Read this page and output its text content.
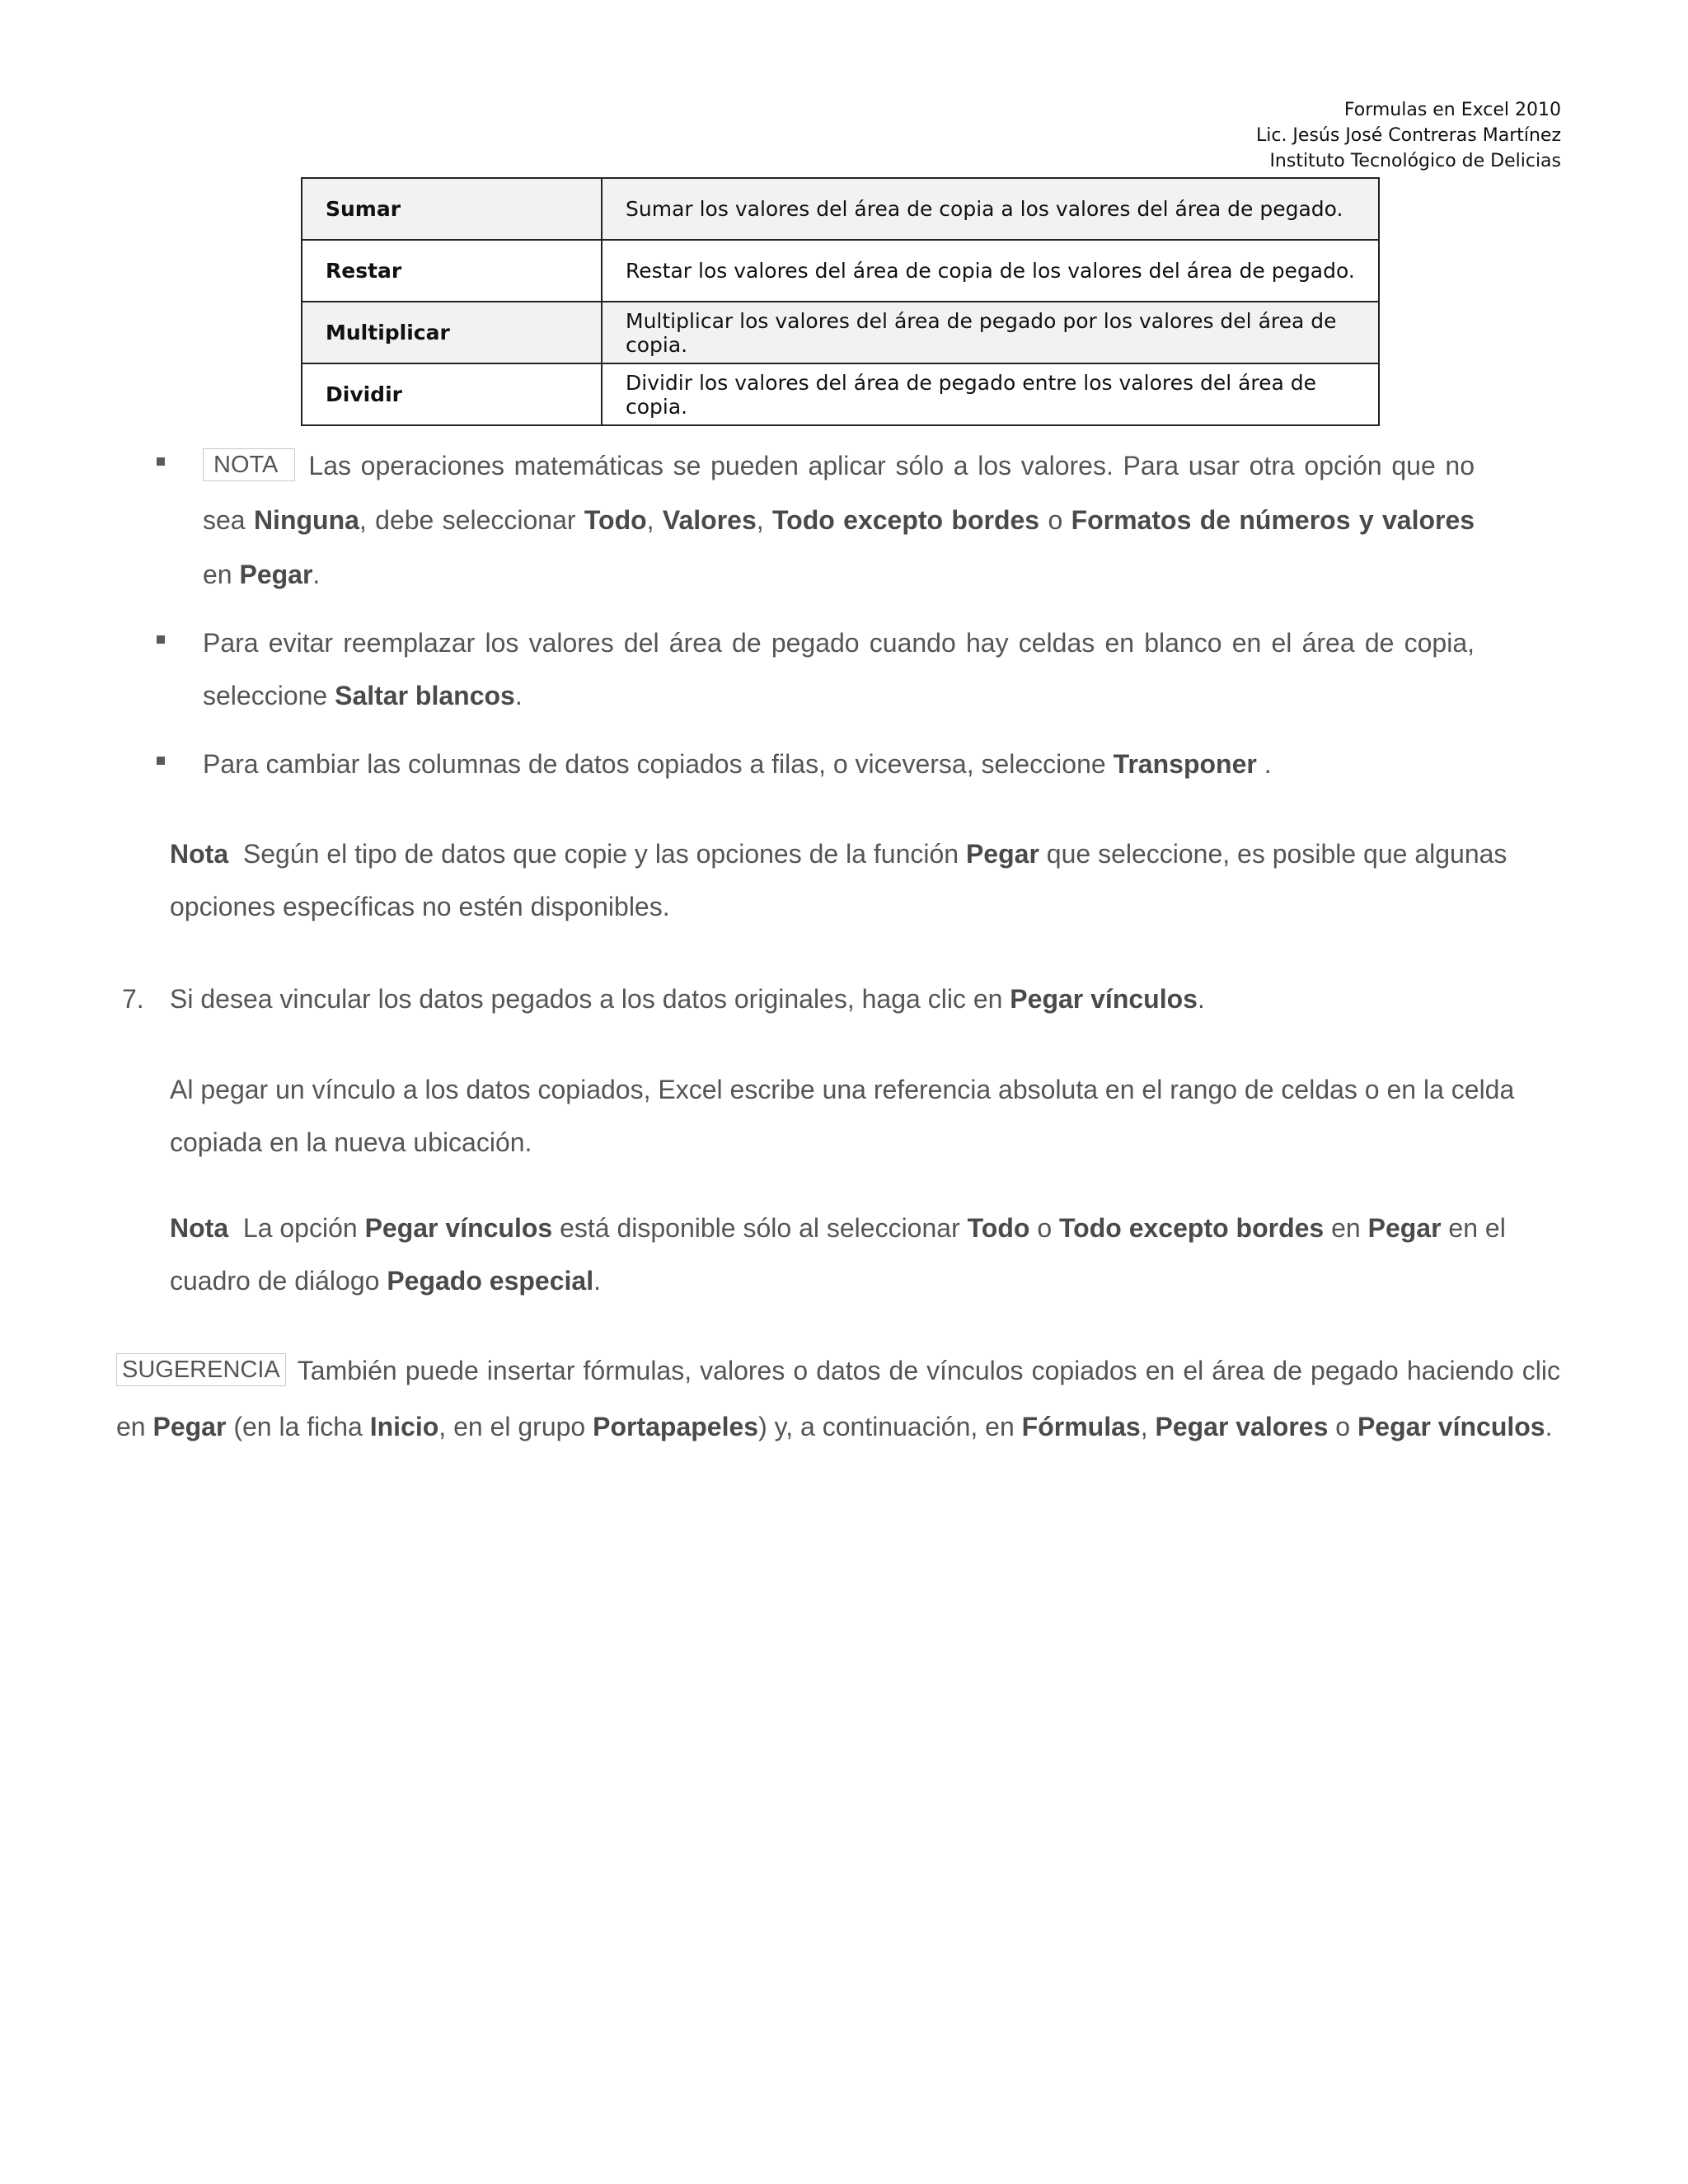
Formulas en Excel 2010
Lic. Jesús José Contreras Martínez
Instituto Tecnológico de Delicias
Sumar	Sumar los valores del área de copia a los valores del área de pegado.
Restar	Restar los valores del área de copia de los valores del área de pegado.
Multiplicar	Multiplicar los valores del área de pegado por los valores del área de copia.
Dividir	Dividir los valores del área de pegado entre los valores del área de copia.
NOTA Las operaciones matemáticas se pueden aplicar sólo a los valores. Para usar otra opción que no sea Ninguna, debe seleccionar Todo, Valores, Todo excepto bordes o Formatos de números y valores en Pegar.
Para evitar reemplazar los valores del área de pegado cuando hay celdas en blanco en el área de copia, seleccione Saltar blancos.
Para cambiar las columnas de datos copiados a filas, o viceversa, seleccione Transponer .
Nota  Según el tipo de datos que copie y las opciones de la función Pegar que seleccione, es posible que algunas opciones específicas no estén disponibles.
7. Si desea vincular los datos pegados a los datos originales, haga clic en Pegar vínculos.
Al pegar un vínculo a los datos copiados, Excel escribe una referencia absoluta en el rango de celdas o en la celda copiada en la nueva ubicación.
Nota  La opción Pegar vínculos está disponible sólo al seleccionar Todo o Todo excepto bordes en Pegar en el cuadro de diálogo Pegado especial.
SUGERENCIA También puede insertar fórmulas, valores o datos de vínculos copiados en el área de pegado haciendo clic en Pegar (en la ficha Inicio, en el grupo Portapapeles) y, a continuación, en Fórmulas, Pegar valores o Pegar vínculos.
